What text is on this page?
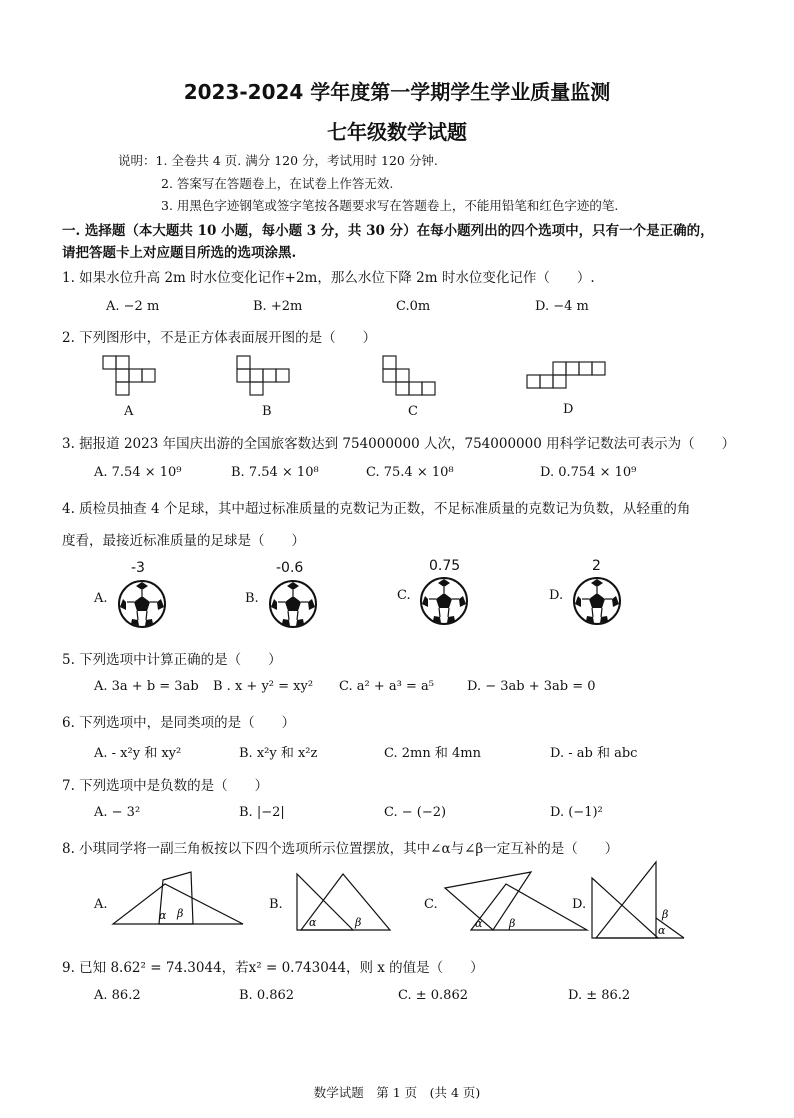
2023-2024 学年度第一学期学生学业质量监测
七年级数学试题
说明：1. 全卷共 4 页. 满分 120 分，考试用时 120 分钟.
2. 答案写在答题卷上，在试卷上作答无效.
3. 用黑色字迹钢笔或签字笔按各题要求写在答题卷上，不能用铅笔和红色字迹的笔.
一. 选择题（本大题共 10 小题，每小题 3 分，共 30 分）在每小题列出的四个选项中，只有一个是正确的，
请把答题卡上对应题目所选的选项涂黑.
1. 如果水位升高 2m 时水位变化记作+2m，那么水位下降 2m 时水位变化记作（　　）.
A. −2 m	B. +2m	C.0m	D. −4 m
2. 下列图形中，不是正方体表面展开图的是（　　）
A	B	C	D
3. 据报道 2023 年国庆出游的全国旅客数达到 754000000 人次，754000000 用科学记数法可表示为（　　）
A. 7.54 × 10⁹	B. 7.54 × 10⁸	C. 75.4 × 10⁸	D. 0.754 × 10⁹
4. 质检员抽查 4 个足球，其中超过标准质量的克数记为正数，不足标准质量的克数记为负数，从轻重的角
度看，最接近标准质量的足球是（　　）
A.
-3
B.
-0.6
C.
0.75
D.
2
5. 下列选项中计算正确的是（　　）
A. 3a + b = 3ab B . x + y² = xy² C. a² + a³ = a⁵	D. − 3ab + 3ab = 0
6. 下列选项中，是同类项的是（　　）
A. - x²y 和 xy²	B. x²y 和 x²z	C. 2mn 和 4mn	D. - ab 和 abc
7. 下列选项中是负数的是（　　）
A. − 3²	B. |−2|	C. − (−2)	D. (−1)²
8. 小琪同学将一副三角板按以下四个选项所示位置摆放，其中∠α与∠β一定互补的是（　　）
A.
α β
B.
α	β
C.
α β
D.
β
α
9. 已知 8.62² = 74.3044，若x² = 0.743044，则 x 的值是（　　）
A. 86.2	B. 0.862	C. ± 0.862	D. ± 86.2
数学试题　第 1 页　(共 4 页)
